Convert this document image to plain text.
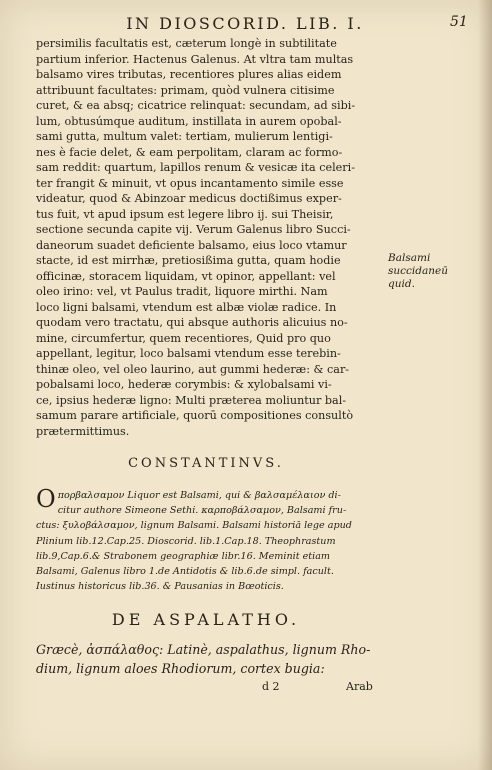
IN DIOSCORID. LIB. I.	51
persimilis facultatis est, cæterum longè in subtilitate
partium inferior. Hactenus Galenus. At vltra tam multas
balsamo vires tributas, recentiores plures alias eidem
attribuunt facultates: primam, quòd vulnera citisime
curet, & ea absq; cicatrice relinquat: secundam, ad sibi-
lum, obtusúmque auditum, instillata in aurem opobal-
sami gutta, multum valet: tertiam, mulierum lentigi-
nes è facie delet, & eam perpolitam, claram ac formo-
sam reddit: quartum, lapillos renum & vesicæ ita celeri-
ter frangit & minuit, vt opus incantamento simile esse
videatur, quod & Abinzoar medicus doctißimus exper-
tus fuit, vt apud ipsum est legere libro ij. sui Theisir,
sectione secunda capite vij. Verum Galenus libro Succi-
daneorum suadet deficiente balsamo, eius loco vtamur
stacte, id est mirrhæ, pretiosißima gutta, quam hodie
officinæ, storacem liquidam, vt opinor, appellant: vel
oleo irino: vel, vt Paulus tradit, liquore mirthi. Nam
loco ligni balsami, vtendum est albæ violæ radice. In
quodam vero tractatu, qui absque authoris alicuius no-
mine, circumfertur, quem recentiores, Quid pro quo
appellant, legitur, loco balsami vtendum esse terebin-
thinæ oleo, vel oleo laurino, aut gummi hederæ: & car-
pobalsami loco, hederæ corymbis: & xylobalsami vi-
ce, ipsius hederæ ligno: Multi præterea moliuntur bal-
samum parare artificiale, quorū compositiones consultò
prætermittimus.
Balsami
succidaneū
quid.
CONSTANTINVS.
O πορβαλσαμον Liquor est Balsami, qui & βαλσαμέλαιον di-
citur authore Simeone Sethi. καρποβάλσαμον, Balsami fru-
ctus: ξυλοβάλσαμον, lignum Balsami. Balsami historiā lege apud
Plinium lib.12.Cap.25. Dioscorid. lib.1.Cap.18. Theophrastum
lib.9,Cap.6.& Strabonem geographiæ libr.16. Meminit etiam
Balsami, Galenus libro 1.de Antidotis & lib.6.de simpl. facult.
Iustinus historicus lib.36. & Pausanias in Bœoticis.
DE ASPALATHO.
Græcè, ἀσπάλαθος: Latinè, aspalathus, lignum Rho-
dium, lignum aloes Rhodiorum, cortex bugia:
d 2	Arab
